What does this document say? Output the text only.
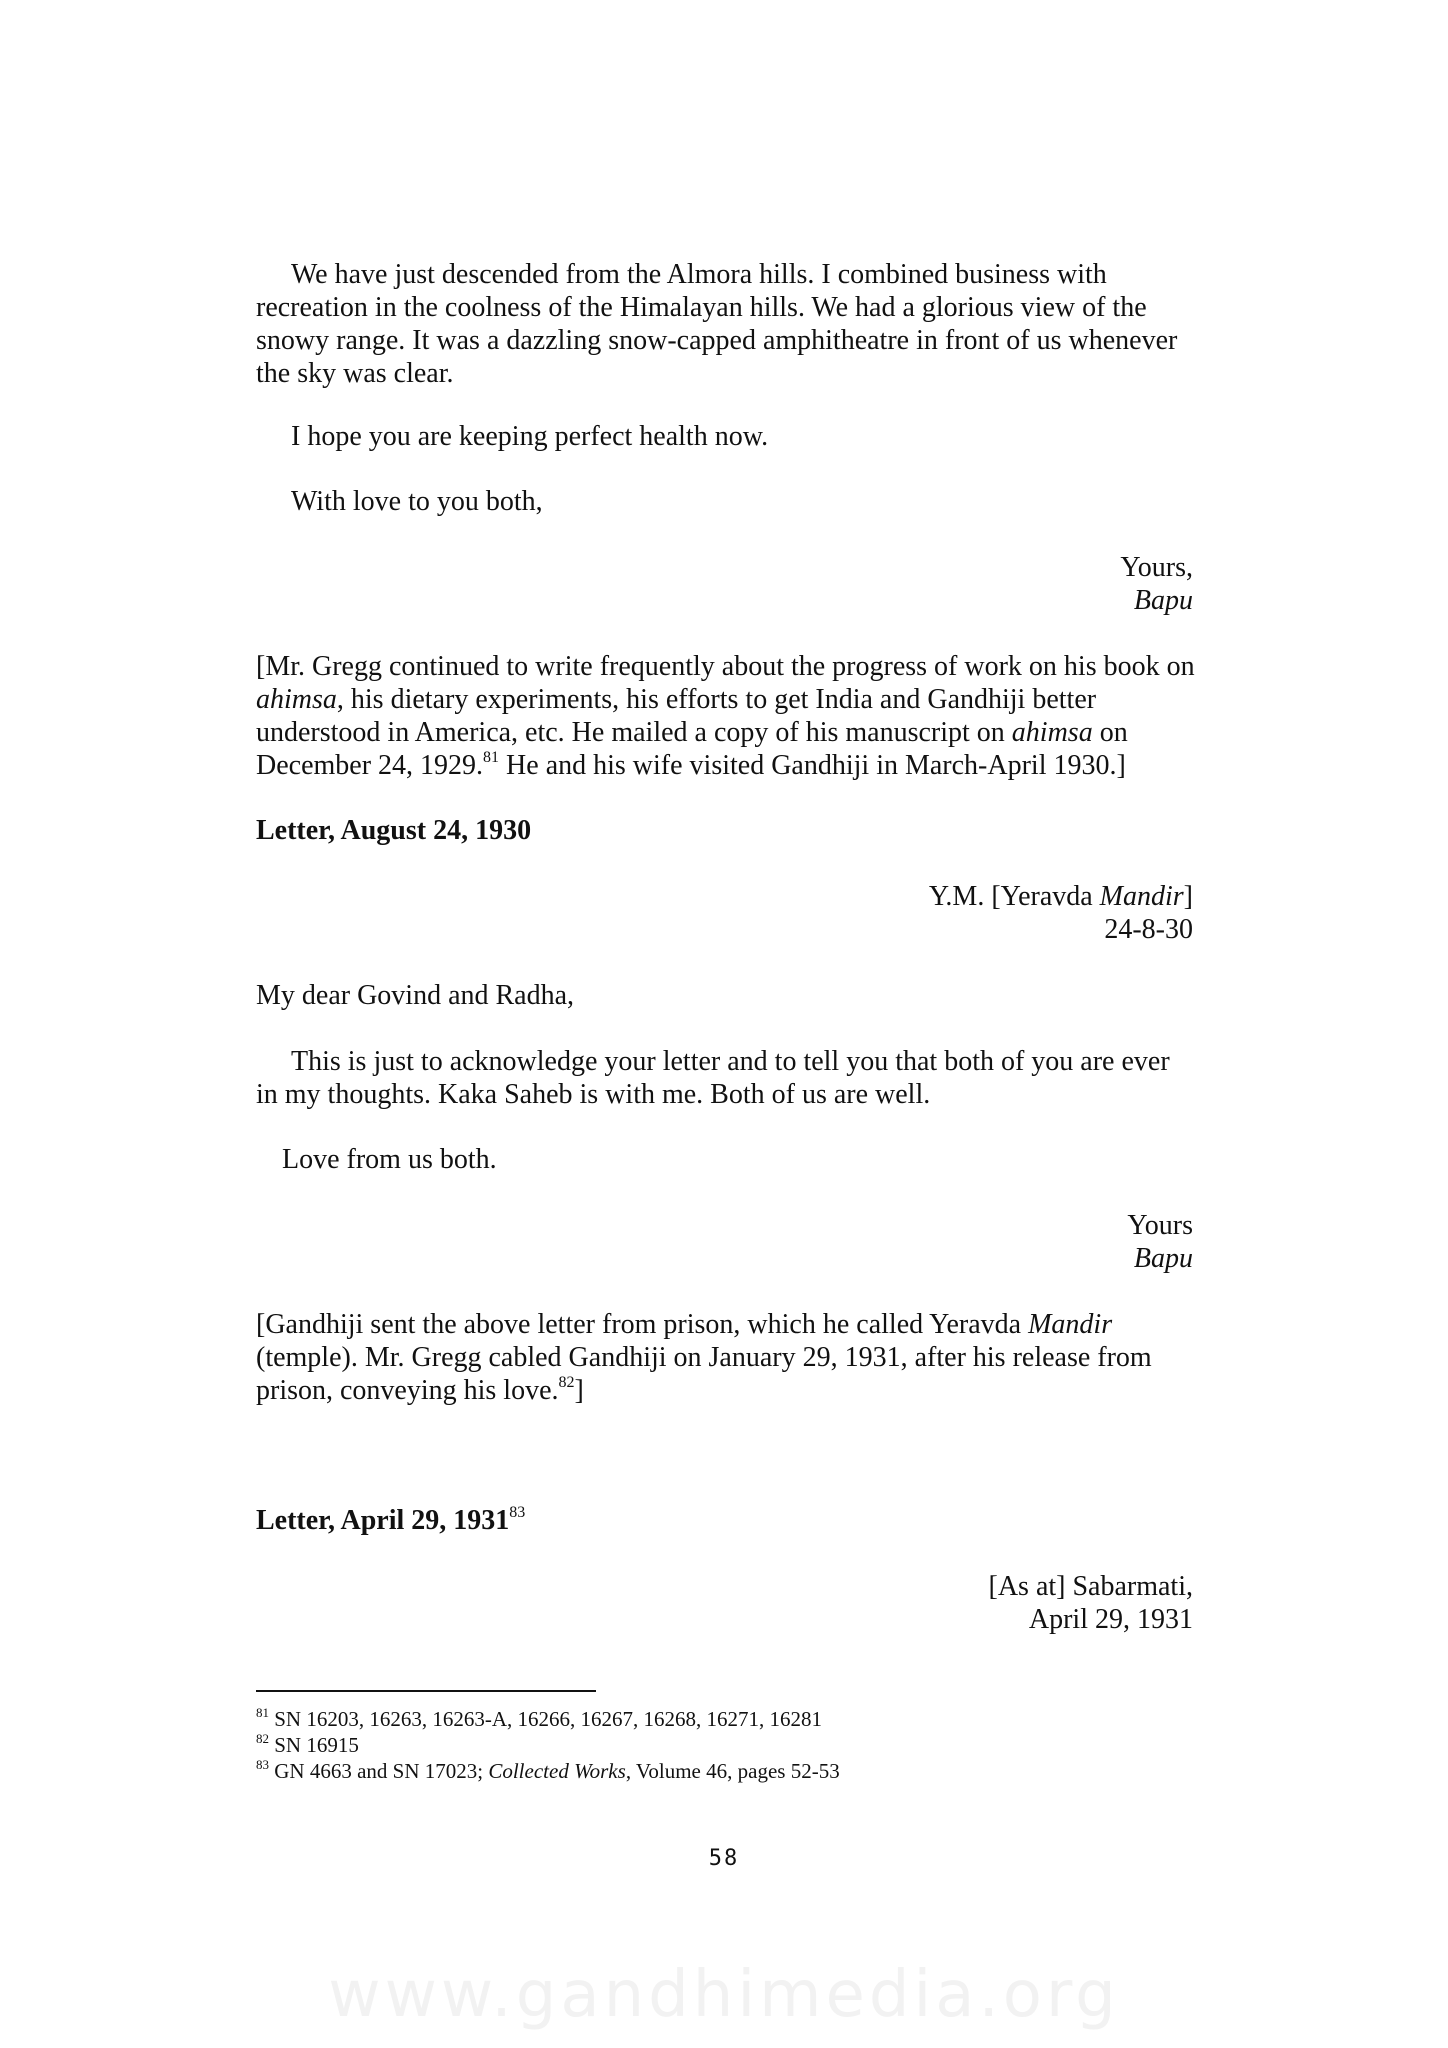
We have just descended from the Almora hills. I combined business with recreation in the coolness of the Himalayan hills. We had a glorious view of the snowy range. It was a dazzling snow-capped amphitheatre in front of us whenever the sky was clear.

I hope you are keeping perfect health now.

With love to you both,

Yours,
Bapu

[Mr. Gregg continued to write frequently about the progress of work on his book on ahimsa, his dietary experiments, his efforts to get India and Gandhiji better understood in America, etc. He mailed a copy of his manuscript on ahimsa on December 24, 1929.81 He and his wife visited Gandhiji in March-April 1930.]

Letter, August 24, 1930
Y.M. [Yeravda Mandir]
24-8-30

My dear Govind and Radha,

This is just to acknowledge your letter and to tell you that both of you are ever in my thoughts. Kaka Saheb is with me. Both of us are well.

Love from us both.

Yours
Bapu

[Gandhiji sent the above letter from prison, which he called Yeravda Mandir (temple). Mr. Gregg cabled Gandhiji on January 29, 1931, after his release from prison, conveying his love.$^{82}$]

Letter, April 29, 1931$^{83}$
[As at] Sabarmati,
April 29, 1931
$^{81}$ SN 16203, 16263, 16263-A, 16266, 16267, 16268, 16271, 16281
$^{82}$ SN 16915
$^{83}$ GN 4663 and SN 17023; Collected Works, Volume 46, pages 52-53
58
www.gandhimedia.org
